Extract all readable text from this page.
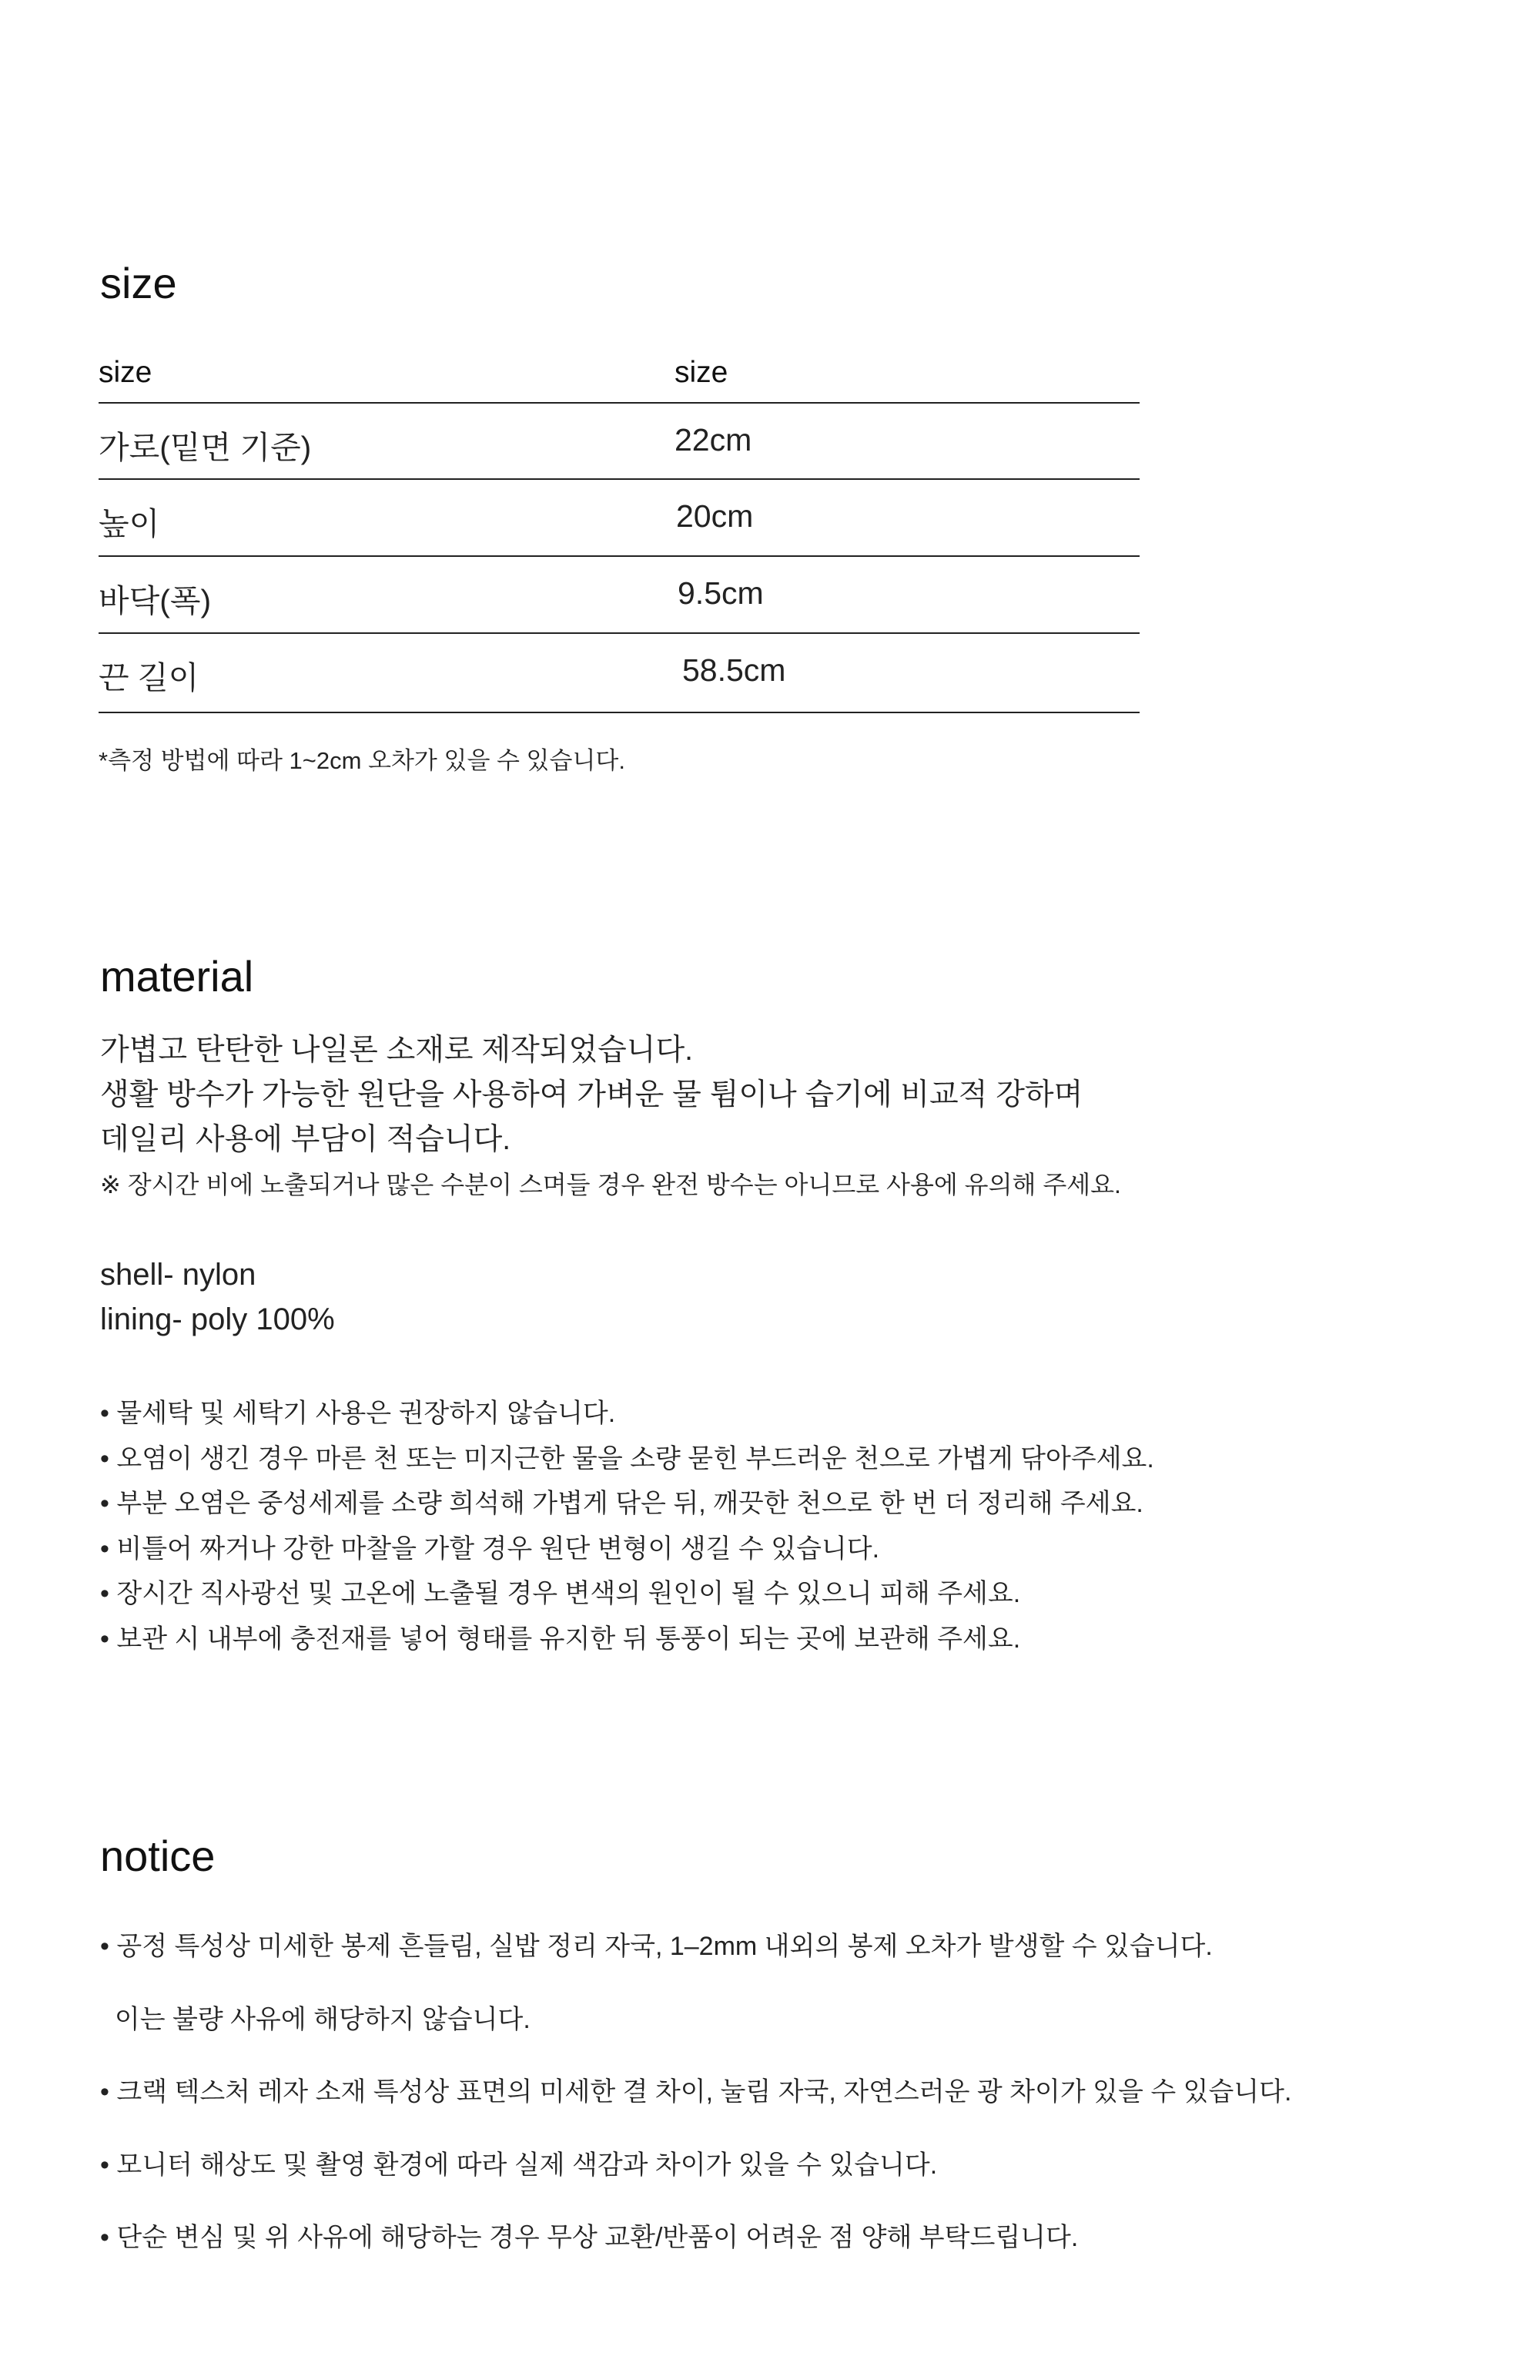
size
size	size
가로(밑면 기준)	22cm
높이	20cm
바닥(폭)	9.5cm
끈 길이	58.5cm
*측정 방법에 따라 1~2cm 오차가 있을 수 있습니다.
material
가볍고 탄탄한 나일론 소재로 제작되었습니다.
생활 방수가 가능한 원단을 사용하여 가벼운 물 튐이나 습기에 비교적 강하며
데일리 사용에 부담이 적습니다.
※ 장시간 비에 노출되거나 많은 수분이 스며들 경우 완전 방수는 아니므로 사용에 유의해 주세요.
shell- nylon
lining- poly 100%
• 물세탁 및 세탁기 사용은 권장하지 않습니다.
• 오염이 생긴 경우 마른 천 또는 미지근한 물을 소량 묻힌 부드러운 천으로 가볍게 닦아주세요.
• 부분 오염은 중성세제를 소량 희석해 가볍게 닦은 뒤, 깨끗한 천으로 한 번 더 정리해 주세요.
• 비틀어 짜거나 강한 마찰을 가할 경우 원단 변형이 생길 수 있습니다.
• 장시간 직사광선 및 고온에 노출될 경우 변색의 원인이 될 수 있으니 피해 주세요.
• 보관 시 내부에 충전재를 넣어 형태를 유지한 뒤 통풍이 되는 곳에 보관해 주세요.
notice

• 공정 특성상 미세한 봉제 흔들림, 실밥 정리 자국, 1–2mm 내외의 봉제 오차가 발생할 수 있습니다.

이는 불량 사유에 해당하지 않습니다.

• 크랙 텍스처 레자 소재 특성상 표면의 미세한 결 차이, 눌림 자국, 자연스러운 광 차이가 있을 수 있습니다.

• 모니터 해상도 및 촬영 환경에 따라 실제 색감과 차이가 있을 수 있습니다.

• 단순 변심 및 위 사유에 해당하는 경우 무상 교환/반품이 어려운 점 양해 부탁드립니다.
